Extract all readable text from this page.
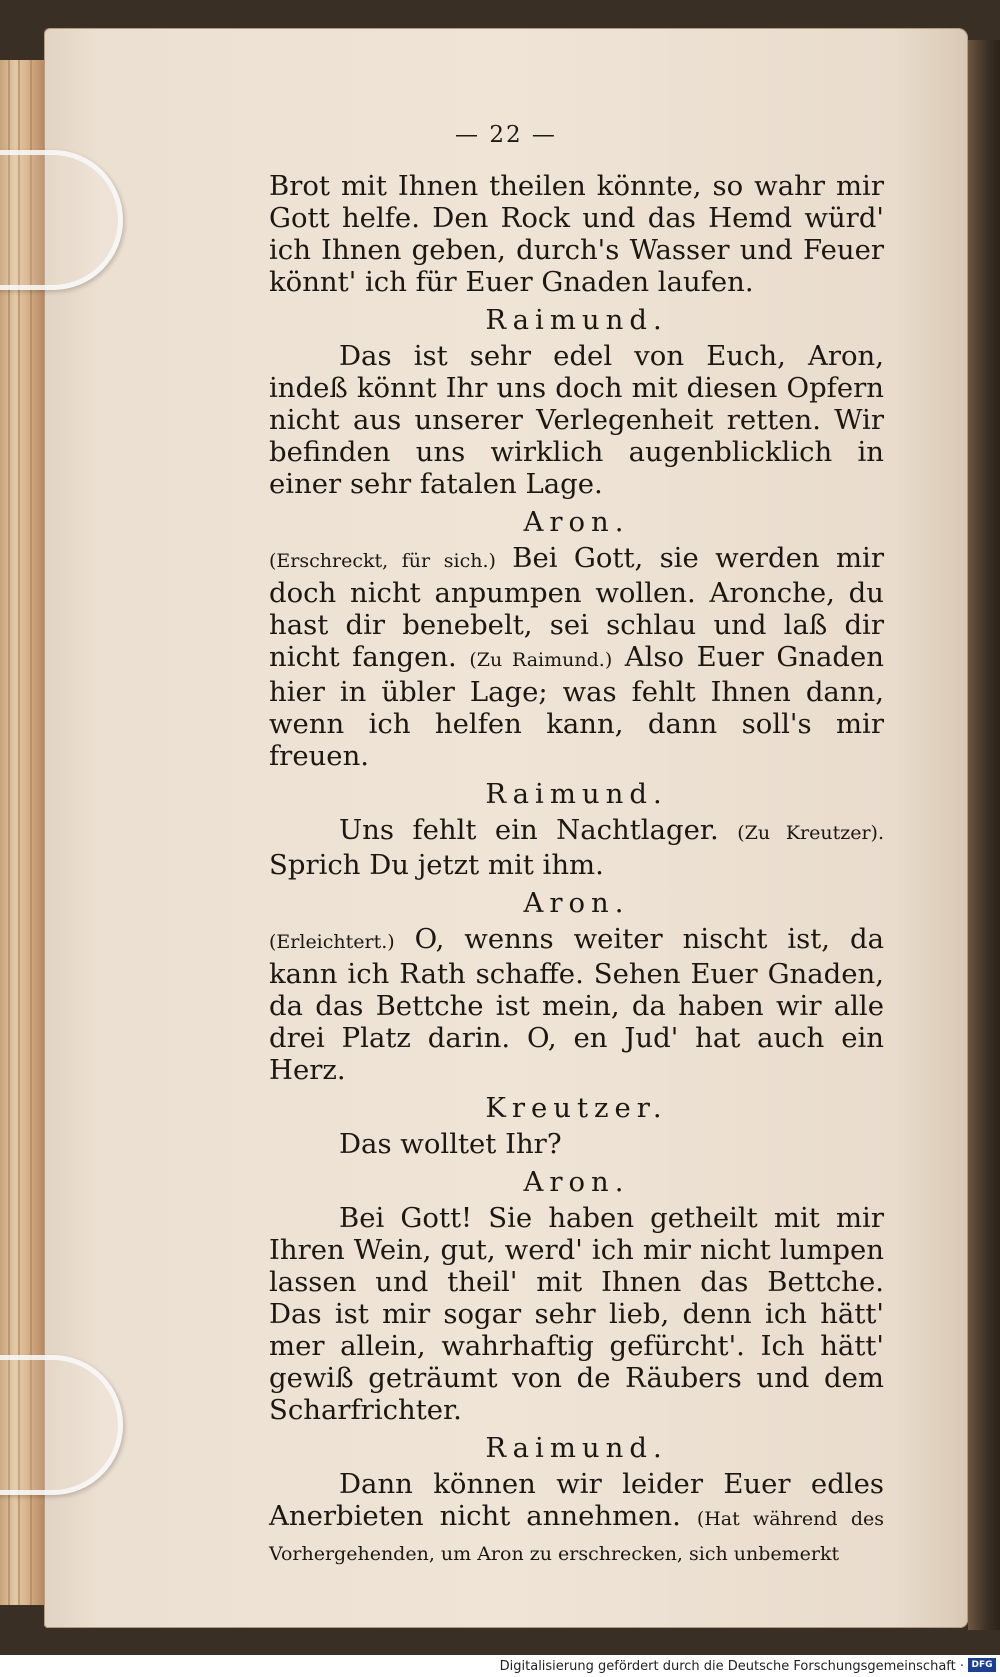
— 22 —

Brot mit Ihnen theilen könnte, so wahr mir Gott helfe. Den Rock und das Hemd würd' ich Ihnen geben, durch's Wasser und Feuer könnt' ich für Euer Gnaden laufen.

Raimund.

Das ist sehr edel von Euch, Aron, indeß könnt Ihr uns doch mit diesen Opfern nicht aus unserer Verlegenheit retten. Wir befinden uns wirklich augenblicklich in einer sehr fatalen Lage.

Aron.

(Erschreckt, für sich.) Bei Gott, sie werden mir doch nicht anpumpen wollen. Aronche, du hast dir benebelt, sei schlau und laß dir nicht fangen. (Zu Raimund.) Also Euer Gnaden hier in übler Lage; was fehlt Ihnen dann, wenn ich helfen kann, dann soll's mir freuen.

Raimund.

Uns fehlt ein Nachtlager. (Zu Kreutzer). Sprich Du jetzt mit ihm.

Aron.

(Erleichtert.) O, wenns weiter nischt ist, da kann ich Rath schaffe. Sehen Euer Gnaden, da das Bettche ist mein, da haben wir alle drei Platz darin. O, en Jud' hat auch ein Herz.

Kreutzer.

Das wolltet Ihr?

Aron.

Bei Gott! Sie haben getheilt mit mir Ihren Wein, gut, werd' ich mir nicht lumpen lassen und theil' mit Ihnen das Bettche. Das ist mir sogar sehr lieb, denn ich hätt' mer allein, wahrhaftig gefürcht'. Ich hätt' gewiß geträumt von de Räubers und dem Scharfrichter.

Raimund.

Dann können wir leider Euer edles Anerbieten nicht annehmen. (Hat während des Vorhergehenden, um Aron zu erschrecken, sich unbemerkt

Digitalisierung gefördert durch die Deutsche Forschungsgemeinschaft · DFG
